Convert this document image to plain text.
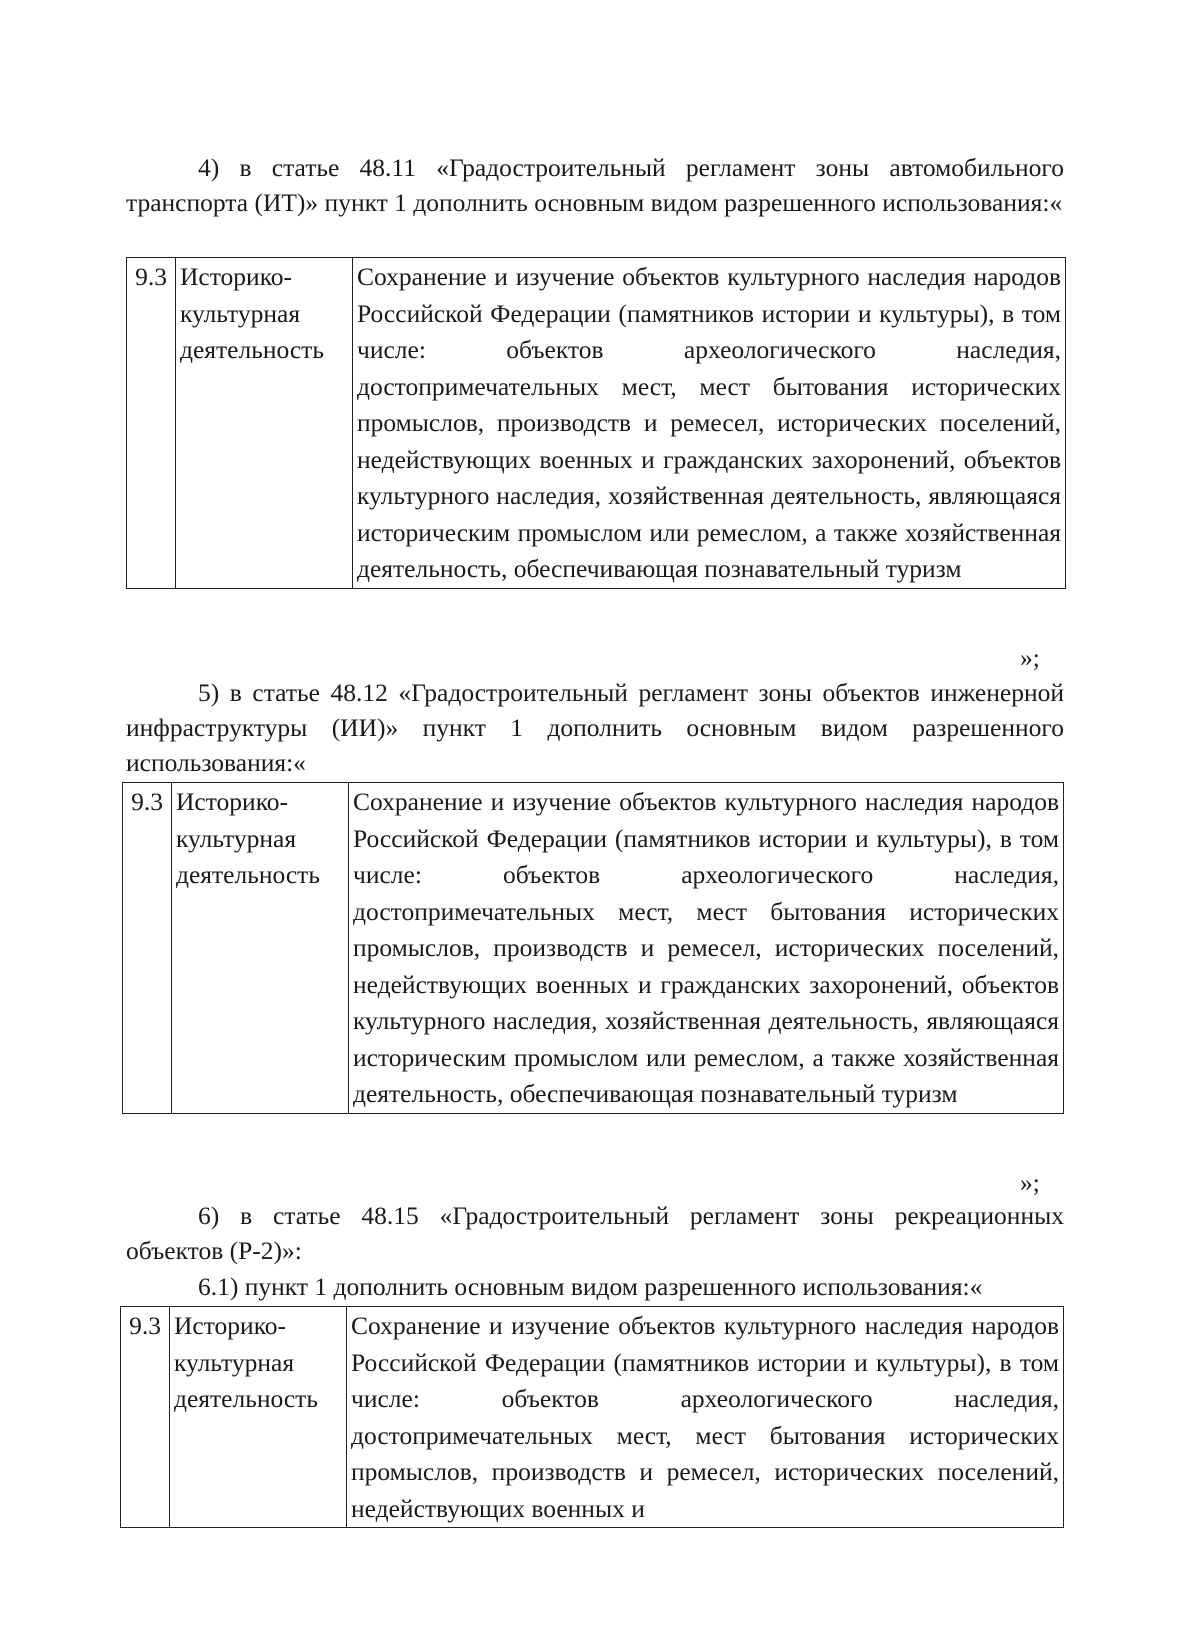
4) в статье 48.11 «Градостроительный регламент зоны автомобильного транспорта (ИТ)» пункт 1 дополнить основным видом разрешенного использования:«

9.3	Историко-культурная деятельность	Сохранение и изучение объектов культурного наследия народов Российской Федерации (памятников истории и культуры), в том числе: объектов археологического наследия, достопримечательных мест, мест бытования исторических промыслов, производств и ремесел, исторических поселений, недействующих военных и гражданских захоронений, объектов культурного наследия, хозяйственная деятельность, являющаяся историческим промыслом или ремеслом, а также хозяйственная деятельность, обеспечивающая познавательный туризм
»;

5) в статье 48.12 «Градостроительный регламент зоны объектов инженерной инфраструктуры (ИИ)» пункт 1 дополнить основным видом разрешенного использования:«

9.3	Историко-культурная деятельность	Сохранение и изучение объектов культурного наследия народов Российской Федерации (памятников истории и культуры), в том числе: объектов археологического наследия, достопримечательных мест, мест бытования исторических промыслов, производств и ремесел, исторических поселений, недействующих военных и гражданских захоронений, объектов культурного наследия, хозяйственная деятельность, являющаяся историческим промыслом или ремеслом, а также хозяйственная деятельность, обеспечивающая познавательный туризм
»;

6) в статье 48.15 «Градостроительный регламент зоны рекреационных объектов (Р-2)»:

6.1) пункт 1 дополнить основным видом разрешенного использования:«

9.3	Историко-культурная деятельность	Сохранение и изучение объектов культурного наследия народов Российской Федерации (памятников истории и культуры), в том числе: объектов археологического наследия, достопримечательных мест, мест бытования исторических промыслов, производств и ремесел, исторических поселений, недействующих военных и
